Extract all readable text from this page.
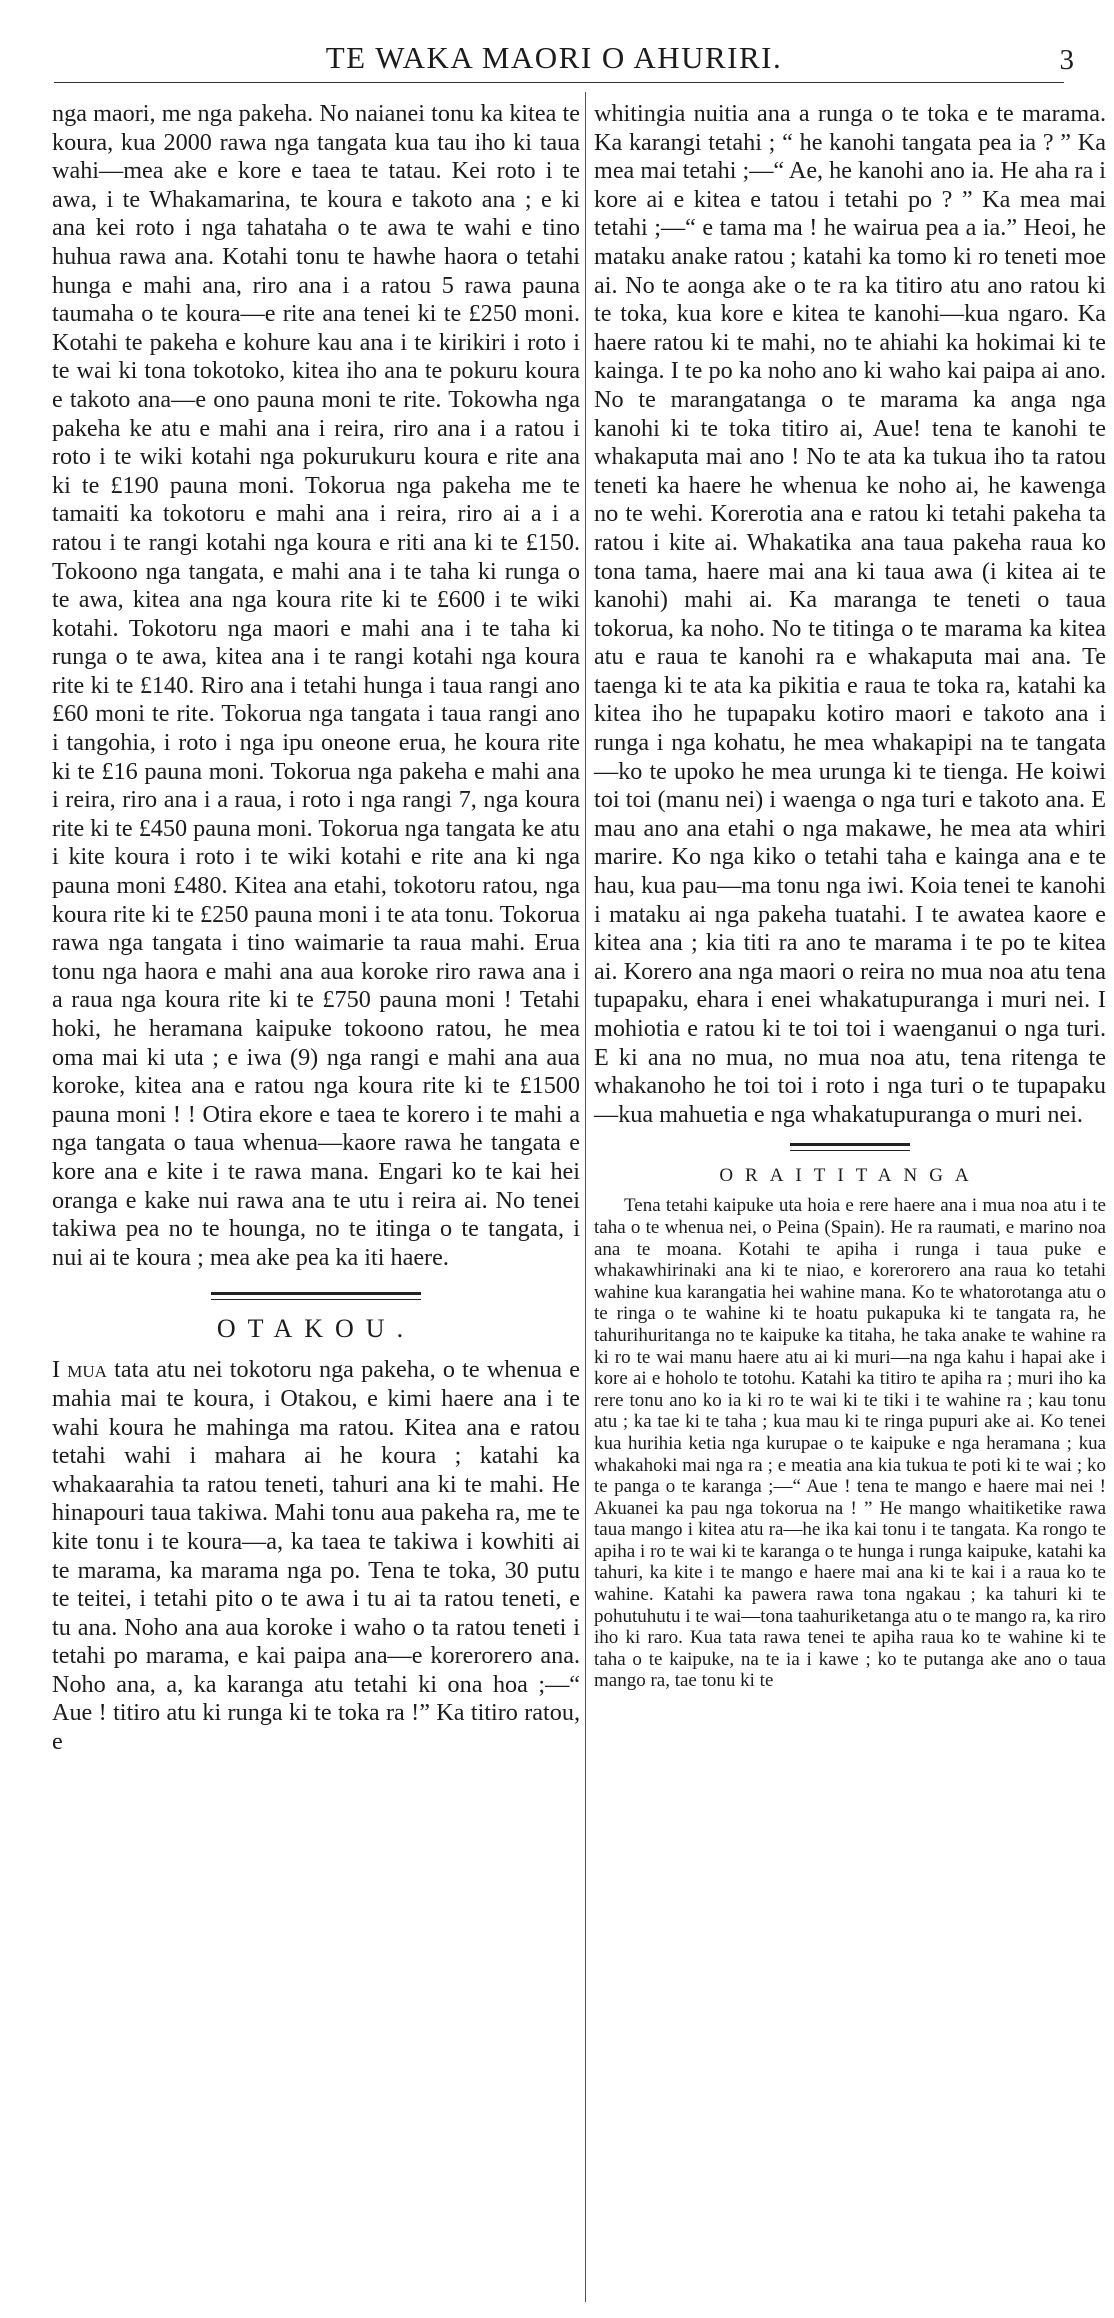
TE WAKA MAORI O AHURIRI.	3

nga maori, me nga pakeha. No naianei tonu ka kitea te koura, kua 2000 rawa nga tangata kua tau iho ki taua wahi—mea ake e kore e taea te tatau. Kei roto i te awa, i te Whakamarina, te koura e takoto ana ; e ki ana kei roto i nga tahataha o te awa te wahi e tino huhua rawa ana. Kotahi tonu te hawhe haora o tetahi hunga e mahi ana, riro ana i a ratou 5 rawa pauna taumaha o te koura—e rite ana tenei ki te £250 moni. Kotahi te pakeha e kohure kau ana i te kirikiri i roto i te wai ki tona tokotoko, kitea iho ana te pokuru koura e takoto ana—e ono pauna moni te rite. Tokowha nga pakeha ke atu e mahi ana i reira, riro ana i a ratou i roto i te wiki kotahi nga pokurukuru koura e rite ana ki te £190 pauna moni. Tokorua nga pakeha me te tamaiti ka tokotoru e mahi ana i reira, riro ai a i a ratou i te rangi kotahi nga koura e riti ana ki te £150. Tokoono nga tangata, e mahi ana i te taha ki runga o te awa, kitea ana nga koura rite ki te £600 i te wiki kotahi. Tokotoru nga maori e mahi ana i te taha ki runga o te awa, kitea ana i te rangi kotahi nga koura rite ki te £140. Riro ana i tetahi hunga i taua rangi ano £60 moni te rite. Tokorua nga tangata i taua rangi ano i tangohia, i roto i nga ipu oneone erua, he koura rite ki te £16 pauna moni. Tokorua nga pakeha e mahi ana i reira, riro ana i a raua, i roto i nga rangi 7, nga koura rite ki te £450 pauna moni. Tokorua nga tangata ke atu i kite koura i roto i te wiki kotahi e rite ana ki nga pauna moni £480. Kitea ana etahi, tokotoru ratou, nga koura rite ki te £250 pauna moni i te ata tonu. Tokorua rawa nga tangata i tino waimarie ta raua mahi. Erua tonu nga haora e mahi ana aua koroke riro rawa ana i a raua nga koura rite ki te £750 pauna moni ! Tetahi hoki, he heramana kaipuke tokoono ratou, he mea oma mai ki uta ; e iwa (9) nga rangi e mahi ana aua koroke, kitea ana e ratou nga koura rite ki te £1500 pauna moni ! ! Otira ekore e taea te korero i te mahi a nga tangata o taua whenua—kaore rawa he tangata e kore ana e kite i te rawa mana. Engari ko te kai hei oranga e kake nui rawa ana te utu i reira ai. No tenei takiwa pea no te hounga, no te itinga o te tangata, i nui ai te koura ; mea ake pea ka iti haere.

OTAKOU.

I mua tata atu nei tokotoru nga pakeha, o te whenua e mahia mai te koura, i Otakou, e kimi haere ana i te wahi koura he mahinga ma ratou. Kitea ana e ratou tetahi wahi i mahara ai he koura ; katahi ka whakaarahia ta ratou teneti, tahuri ana ki te mahi. He hinapouri taua takiwa. Mahi tonu aua pakeha ra, me te kite tonu i te koura—a, ka taea te takiwa i kowhiti ai te marama, ka marama nga po. Tena te toka, 30 putu te teitei, i tetahi pito o te awa i tu ai ta ratou teneti, e tu ana. Noho ana aua koroke i waho o ta ratou teneti i tetahi po marama, e kai paipa ana—e korerorero ana. Noho ana, a, ka karanga atu tetahi ki ona hoa ;—“ Aue ! titiro atu ki runga ki te toka ra !” Ka titiro ratou, e

whitingia nuitia ana a runga o te toka e te marama. Ka karangi tetahi ; “ he kanohi tangata pea ia ? ” Ka mea mai tetahi ;—“ Ae, he kanohi ano ia. He aha ra i kore ai e kitea e tatou i tetahi po ? ” Ka mea mai tetahi ;—“ e tama ma ! he wairua pea a ia.” Heoi, he mataku anake ratou ; katahi ka tomo ki ro teneti moe ai. No te aonga ake o te ra ka titiro atu ano ratou ki te toka, kua kore e kitea te kanohi—kua ngaro. Ka haere ratou ki te mahi, no te ahiahi ka hokimai ki te kainga. I te po ka noho ano ki waho kai paipa ai ano. No te marangatanga o te marama ka anga nga kanohi ki te toka titiro ai, Aue! tena te kanohi te whakaputa mai ano ! No te ata ka tukua iho ta ratou teneti ka haere he whenua ke noho ai, he kawenga no te wehi. Korerotia ana e ratou ki tetahi pakeha ta ratou i kite ai. Whakatika ana taua pakeha raua ko tona tama, haere mai ana ki taua awa (i kitea ai te kanohi) mahi ai. Ka maranga te teneti o taua tokorua, ka noho. No te titinga o te marama ka kitea atu e raua te kanohi ra e whakaputa mai ana. Te taenga ki te ata ka pikitia e raua te toka ra, katahi ka kitea iho he tupapaku kotiro maori e takoto ana i runga i nga kohatu, he mea whakapipi na te tangata—ko te upoko he mea urunga ki te tienga. He koiwi toi toi (manu nei) i waenga o nga turi e takoto ana. E mau ano ana etahi o nga makawe, he mea ata whiri marire. Ko nga kiko o tetahi taha e kainga ana e te hau, kua pau—ma tonu nga iwi. Koia tenei te kanohi i mataku ai nga pakeha tuatahi. I te awatea kaore e kitea ana ; kia titi ra ano te marama i te po te kitea ai. Korero ana nga maori o reira no mua noa atu tena tupapaku, ehara i enei whakatupuranga i muri nei. I mohiotia e ratou ki te toi toi i waenganui o nga turi. E ki ana no mua, no mua noa atu, tena ritenga te whakanoho he toi toi i roto i nga turi o te tupapaku—kua mahuetia e nga whakatupuranga o muri nei.

ORAITITANGA

Tena tetahi kaipuke uta hoia e rere haere ana i mua noa atu i te taha o te whenua nei, o Peina (Spain). He ra raumati, e marino noa ana te moana. Kotahi te apiha i runga i taua puke e whakawhirinaki ana ki te niao, e korerorero ana raua ko tetahi wahine kua karangatia hei wahine mana. Ko te whatorotanga atu o te ringa o te wahine ki te hoatu pukapuka ki te tangata ra, he tahurihuritanga no te kaipuke ka titaha, he taka anake te wahine ra ki ro te wai manu haere atu ai ki muri—na nga kahu i hapai ake i kore ai e hoholo te totohu. Katahi ka titiro te apiha ra ; muri iho ka rere tonu ano ko ia ki ro te wai ki te tiki i te wahine ra ; kau tonu atu ; ka tae ki te taha ; kua mau ki te ringa pupuri ake ai. Ko tenei kua hurihia ketia nga kurupae o te kaipuke e nga heramana ; kua whakahoki mai nga ra ; e meatia ana kia tukua te poti ki te wai ; ko te panga o te karanga ;—“ Aue ! tena te mango e haere mai nei ! Akuanei ka pau nga tokorua na ! ” He mango whaitiketike rawa taua mango i kitea atu ra—he ika kai tonu i te tangata. Ka rongo te apiha i ro te wai ki te karanga o te hunga i runga kaipuke, katahi ka tahuri, ka kite i te mango e haere mai ana ki te kai i a raua ko te wahine. Katahi ka pawera rawa tona ngakau ; ka tahuri ki te pohutuhutu i te wai—tona taahuriketanga atu o te mango ra, ka riro iho ki raro. Kua tata rawa tenei te apiha raua ko te wahine ki te taha o te kaipuke, na te ia i kawe ; ko te putanga ake ano o taua mango ra, tae tonu ki te
